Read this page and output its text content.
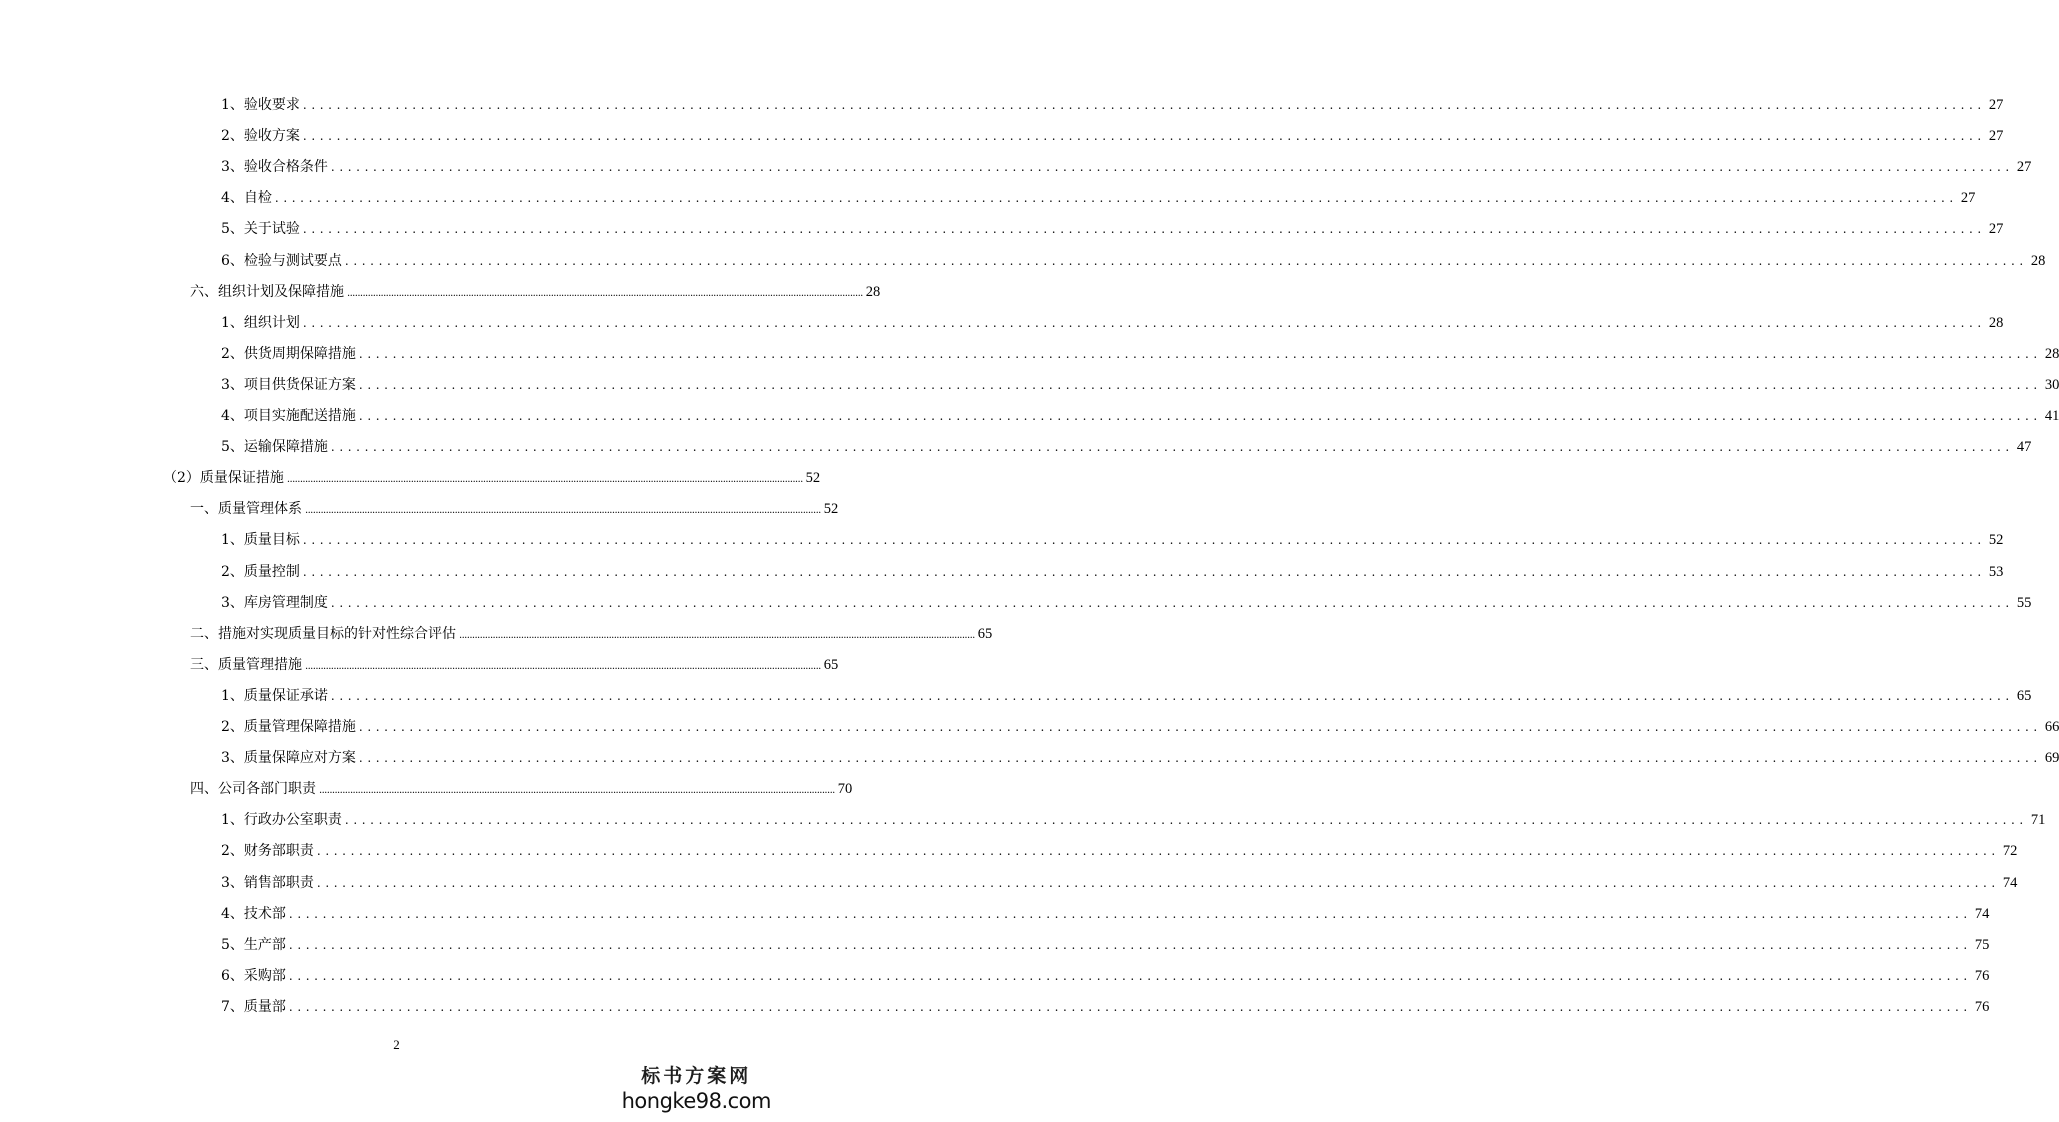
1、 验收要求 ........................................................................................................................................................................................................ 27
2、 验收方案 ........................................................................................................................................................................................................ 27
3、 验收合格条件 ........................................................................................................................................................................................................ 27
4、 自检 ........................................................................................................................................................................................................ 27
5、 关于试验 ........................................................................................................................................................................................................ 27
6、 检验与测试要点 ........................................................................................................................................................................................................ 28
六、 组织计划及保障措施 ........................................................................................................................................................................................................ 28
1、 组织计划 ........................................................................................................................................................................................................ 28
2、 供货周期保障措施 ........................................................................................................................................................................................................ 28
3、 项目供货保证方案 ........................................................................................................................................................................................................ 30
4、 项目实施配送措施 ........................................................................................................................................................................................................ 41
5、 运输保障措施 ........................................................................................................................................................................................................ 47
（2） 质量保证措施 ........................................................................................................................................................................................................ 52
一、 质量管理体系 ........................................................................................................................................................................................................ 52
1、 质量目标 ........................................................................................................................................................................................................ 52
2、 质量控制 ........................................................................................................................................................................................................ 53
3、 库房管理制度 ........................................................................................................................................................................................................ 55
二、 措施对实现质量目标的针对性综合评估 ........................................................................................................................................................................................................ 65
三、 质量管理措施 ........................................................................................................................................................................................................ 65
1、 质量保证承诺 ........................................................................................................................................................................................................ 65
2、 质量管理保障措施 ........................................................................................................................................................................................................ 66
3、 质量保障应对方案 ........................................................................................................................................................................................................ 69
四、 公司各部门职责 ........................................................................................................................................................................................................ 70
1、 行政办公室职责 ........................................................................................................................................................................................................ 71
2、 财务部职责 ........................................................................................................................................................................................................ 72
3、 销售部职责 ........................................................................................................................................................................................................ 74
4、 技术部 ........................................................................................................................................................................................................ 74
5、 生产部 ........................................................................................................................................................................................................ 75
6、 采购部 ........................................................................................................................................................................................................ 76
7、 质量部 ........................................................................................................................................................................................................ 76
2
标书方案网
hongke98.com
